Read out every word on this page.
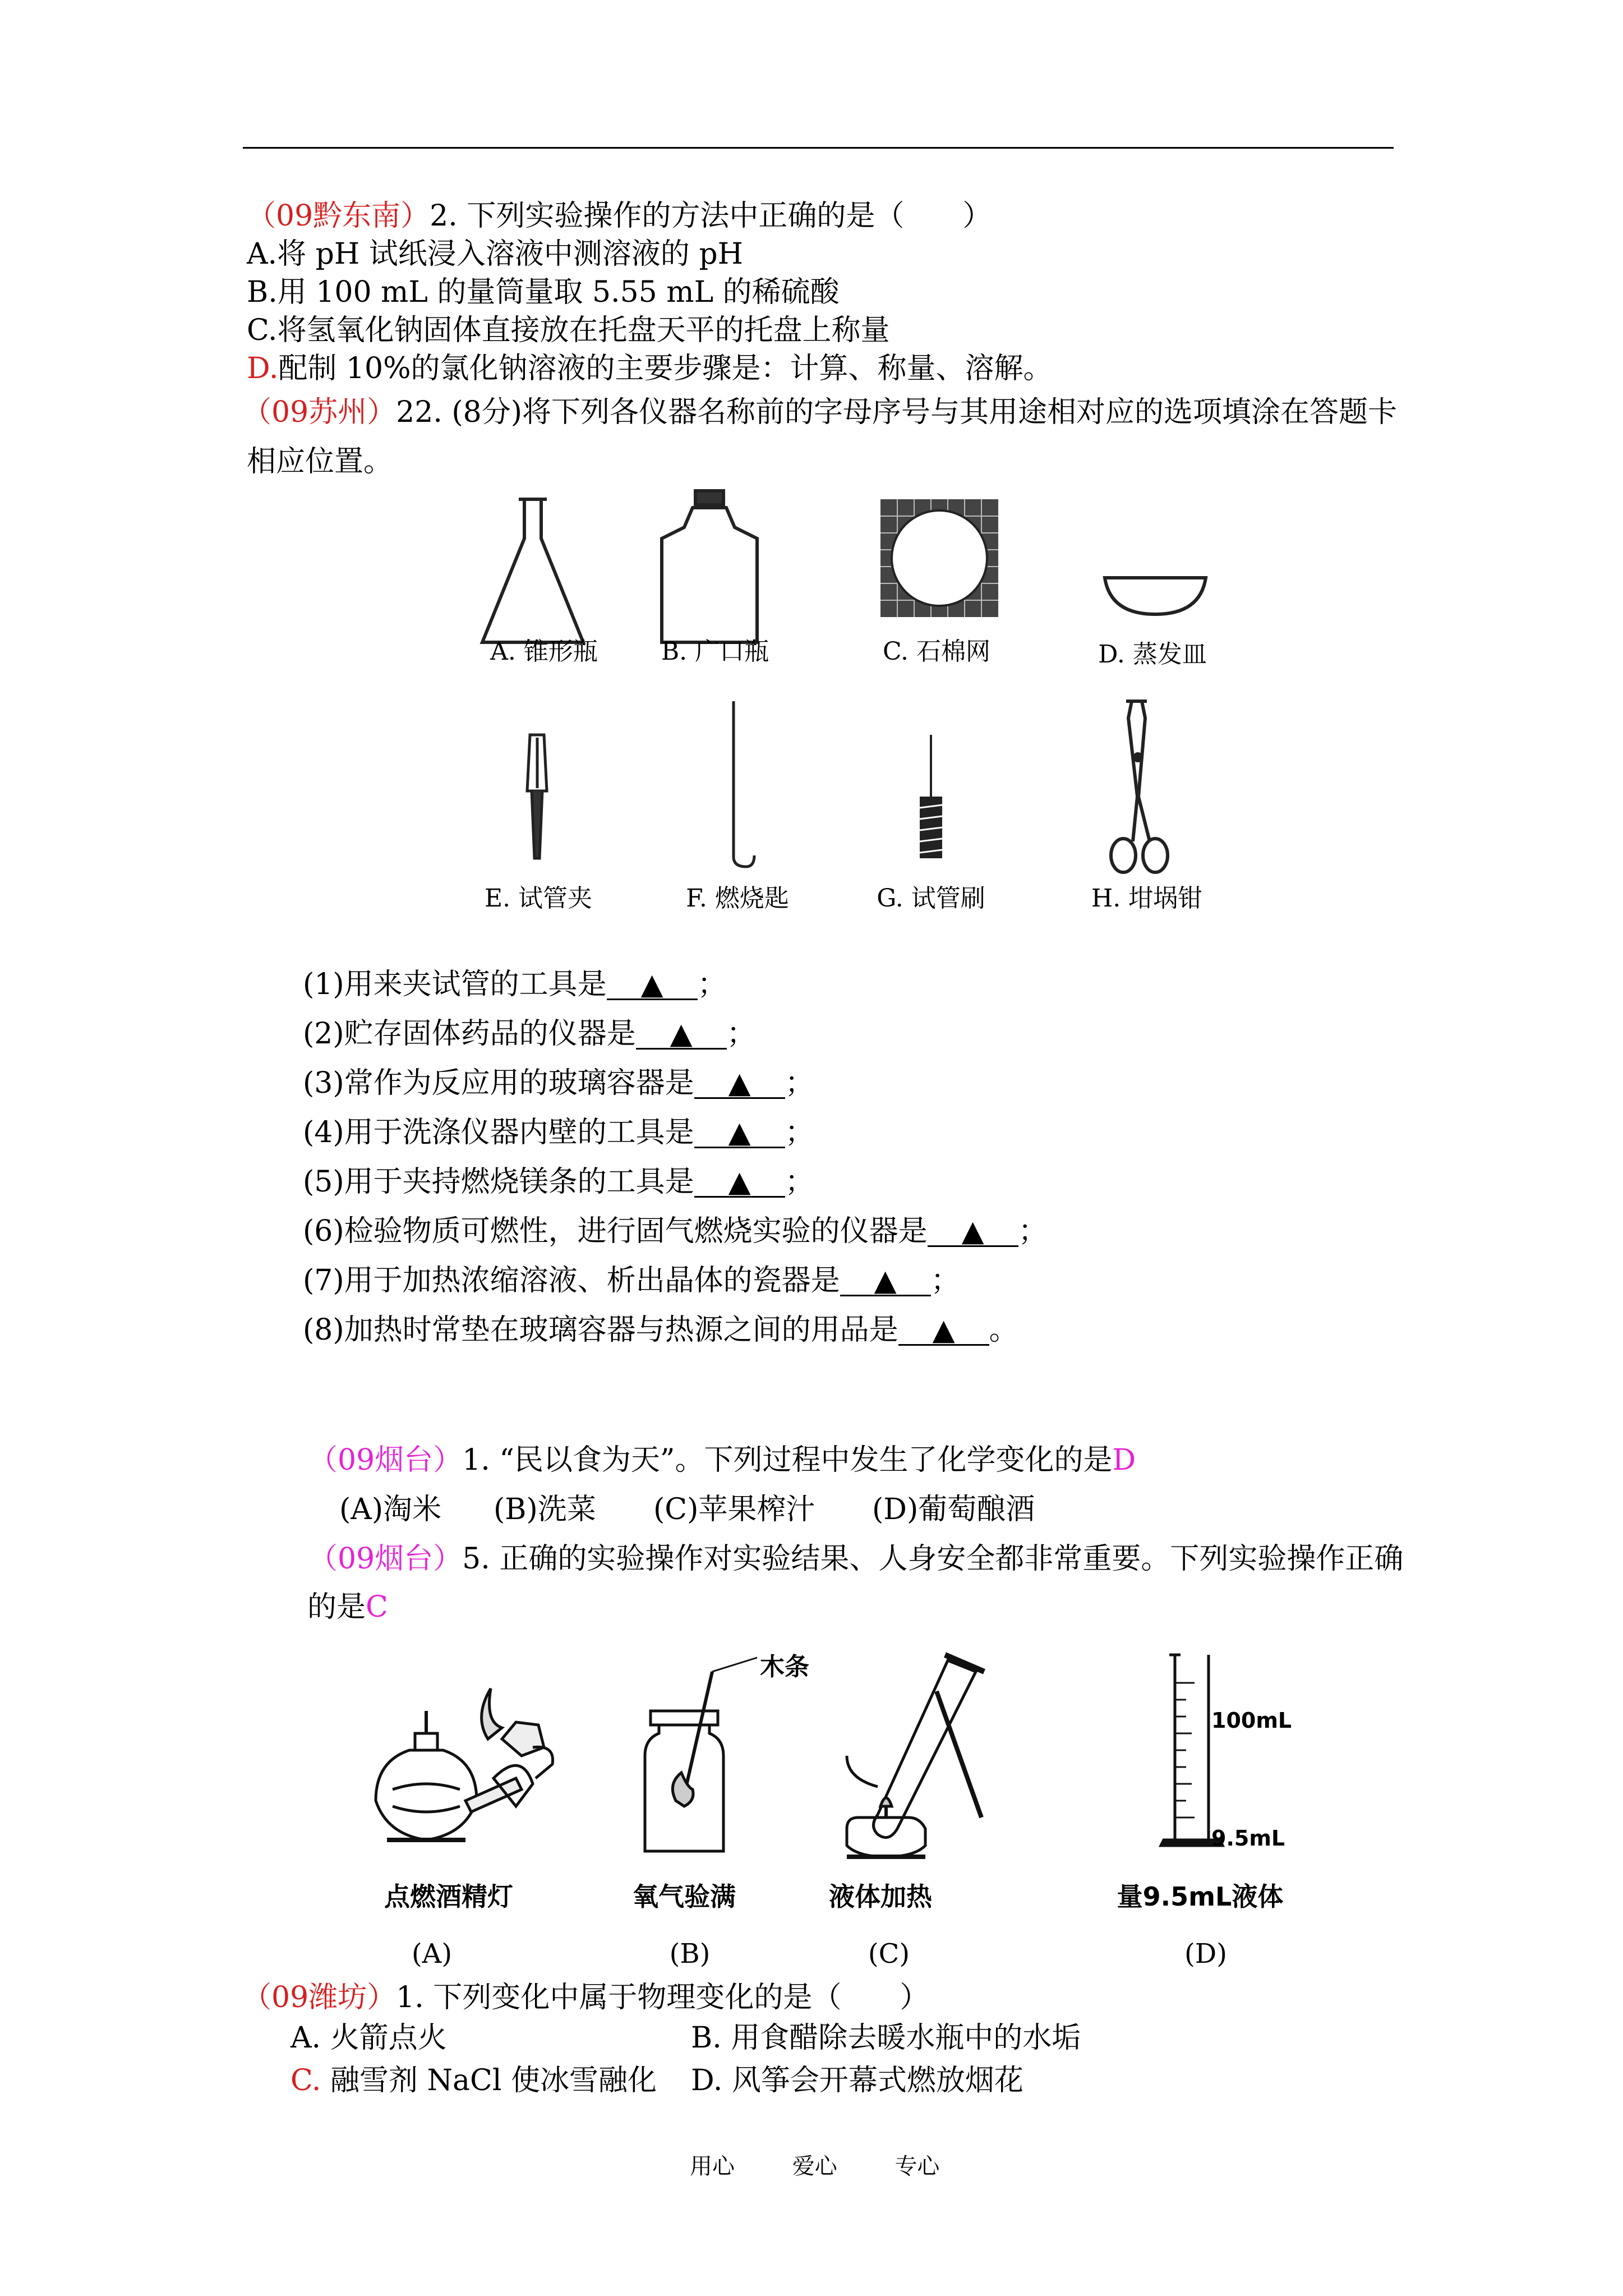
（09黔东南）2. 下列实验操作的方法中正确的是（　　）
A.将 pH 试纸浸入溶液中测溶液的 pH
B.用 100 mL 的量筒量取 5.55 mL 的稀硫酸
C.将氢氧化钠固体直接放在托盘天平的托盘上称量
D.配制 10%的氯化钠溶液的主要步骤是：计算、称量、溶解。
（09苏州）22. (8分)将下列各仪器名称前的字母序号与其用途相对应的选项填涂在答题卡
相应位置。
A. 锥形瓶	B. 广口瓶	C. 石棉网	D. 蒸发皿
E. 试管夹	F. 燃烧匙	G. 试管刷	H. 坩埚钳
(1)用来夹试管的工具是 ▲ ；
(2)贮存固体药品的仪器是 ▲ ；
(3)常作为反应用的玻璃容器是 ▲ ；
(4)用于洗涤仪器内壁的工具是 ▲ ；
(5)用于夹持燃烧镁条的工具是 ▲ ；
(6)检验物质可燃性，进行固气燃烧实验的仪器是 ▲ ；
(7)用于加热浓缩溶液、析出晶体的瓷器是 ▲ ；
(8)加热时常垫在玻璃容器与热源之间的用品是 ▲ 。
（09烟台）1. “民以食为天”。下列过程中发生了化学变化的是D
(A)淘米 (B)洗菜 (C)苹果榨汁 (D)葡萄酿酒
（09烟台）5. 正确的实验操作对实验结果、人身安全都非常重要。下列实验操作正确
的是C
木条
100mL
9.5mL
点燃酒精灯	氧气验满	液体加热	量9.5mL液体
(A)	(B)	(C)	(D)
（09潍坊）1. 下列变化中属于物理变化的是（　　）
A. 火箭点火	B. 用食醋除去暖水瓶中的水垢
C. 融雪剂 NaCl 使冰雪融化 D. 风筝会开幕式燃放烟花
用心	爱心	专心
